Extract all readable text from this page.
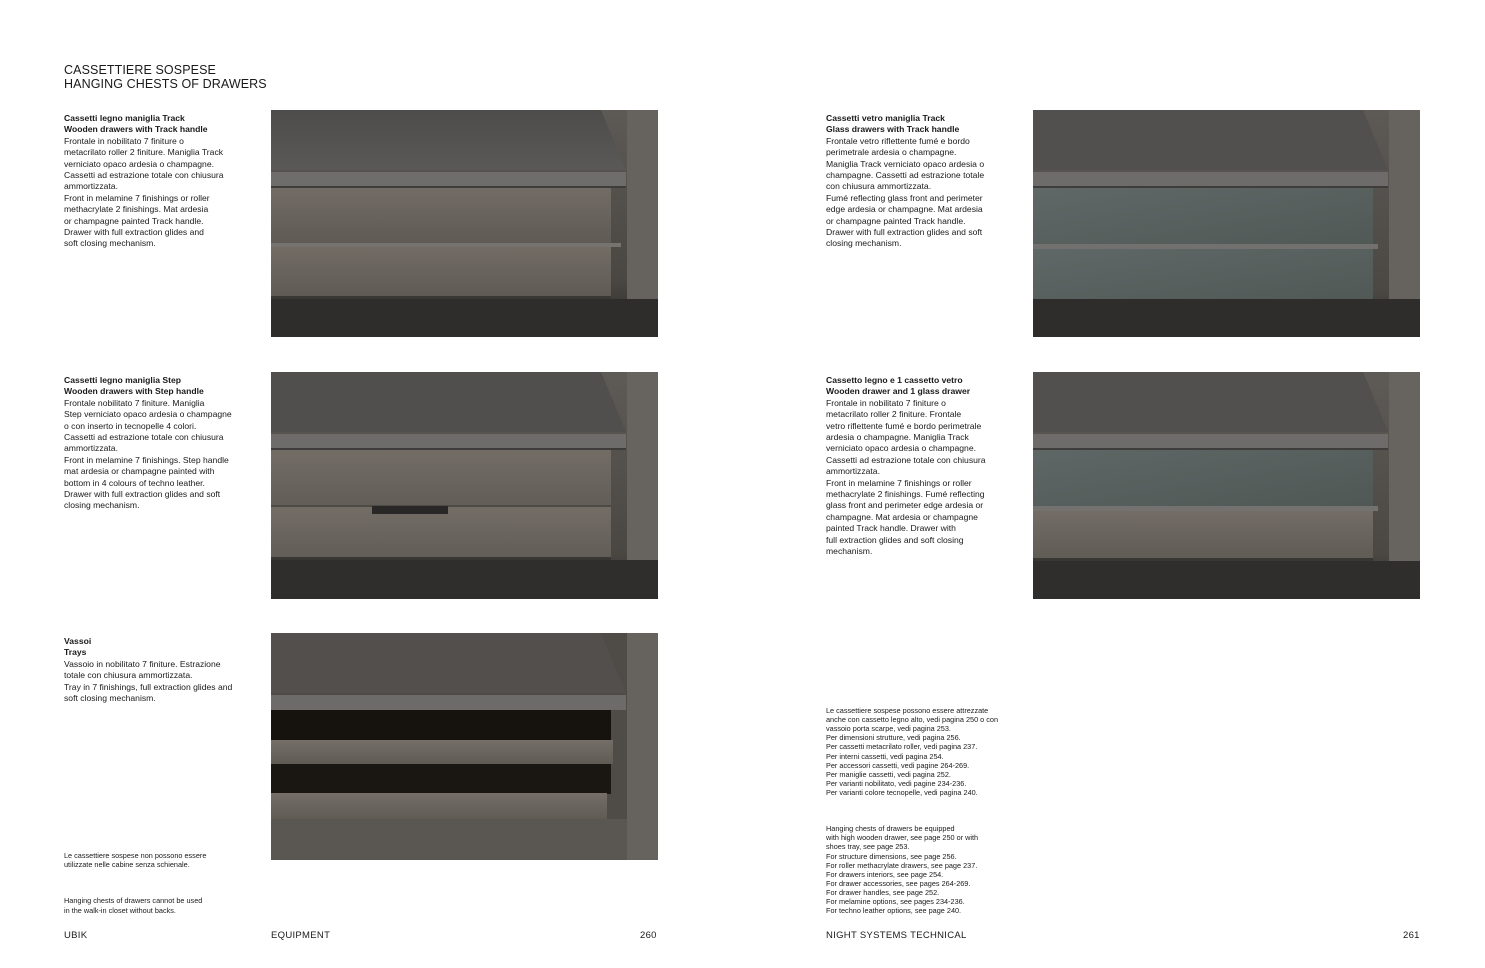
CASSETTIERE SOSPESE
HANGING CHESTS OF DRAWERS
Cassetti legno maniglia Track
Wooden drawers with Track handle
Frontale in nobilitato 7 finiture o
metacrilato roller 2 finiture. Maniglia Track
verniciato opaco ardesia o champagne.
Cassetti ad estrazione totale con chiusura
ammortizzata.
Front in melamine 7 finishings or roller
methacrylate 2 finishings. Mat ardesia
or champagne painted Track handle.
Drawer with full extraction glides and
soft closing mechanism.
Cassetti legno maniglia Step
Wooden drawers with Step handle
Frontale nobilitato 7 finiture. Maniglia
Step verniciato opaco ardesia o champagne
o con inserto in tecnopelle 4 colori.
Cassetti ad estrazione totale con chiusura
ammortizzata.
Front in melamine 7 finishings. Step handle
mat ardesia or champagne painted with
bottom in 4 colours of techno leather.
Drawer with full extraction glides and soft
closing mechanism.
Vassoi
Trays
Vassoio in nobilitato 7 finiture. Estrazione
totale con chiusura ammortizzata.
Tray in 7 finishings, full extraction glides and
soft closing mechanism.

Le cassettiere sospese non possono essere
utilizzate nelle cabine senza schienale.

Hanging chests of drawers cannot be used
in the walk-in closet without backs.

Cassetti vetro maniglia Track
Glass drawers with Track handle
Frontale vetro riflettente fumé e bordo
perimetrale ardesia o champagne.
Maniglia Track verniciato opaco ardesia o
champagne. Cassetti ad estrazione totale
con chiusura ammortizzata.
Fumé reflecting glass front and perimeter
edge ardesia or champagne. Mat ardesia
or champagne painted Track handle.
Drawer with full extraction glides and soft
closing mechanism.
Cassetto legno e 1 cassetto vetro
Wooden drawer and 1 glass drawer
Frontale in nobilitato 7 finiture o
metacrilato roller 2 finiture. Frontale
vetro riflettente fumé e bordo perimetrale
ardesia o champagne. Maniglia Track
verniciato opaco ardesia o champagne.
Cassetti ad estrazione totale con chiusura
ammortizzata.
Front in melamine 7 finishings or roller
methacrylate 2 finishings. Fumé reflecting
glass front and perimeter edge ardesia or
champagne. Mat ardesia or champagne
painted Track handle. Drawer with
full extraction glides and soft closing
mechanism.

Le cassettiere sospese possono essere attrezzate
anche con cassetto legno alto, vedi pagina 250 o con
vassoio porta scarpe, vedi pagina 253.
Per dimensioni strutture, vedi pagina 256.
Per cassetti metacrilato roller, vedi pagina 237.
Per interni cassetti, vedi pagina 254.
Per accessori cassetti, vedi pagine 264-269.
Per maniglie cassetti, vedi pagina 252.
Per varianti nobilitato, vedi pagine 234-236.
Per varianti colore tecnopelle, vedi pagina 240.

Hanging chests of drawers be equipped
with high wooden drawer, see page 250 or with
shoes tray, see page 253.
For structure dimensions, see page 256.
For roller methacrylate drawers, see page 237.
For drawers interiors, see page 254.
For drawer accessories, see pages 264-269.
For drawer handles, see page 252.
For melamine options, see pages 234-236.
For techno leather options, see page 240.

UBIK	EQUIPMENT	260	NIGHT SYSTEMS TECHNICAL	261
